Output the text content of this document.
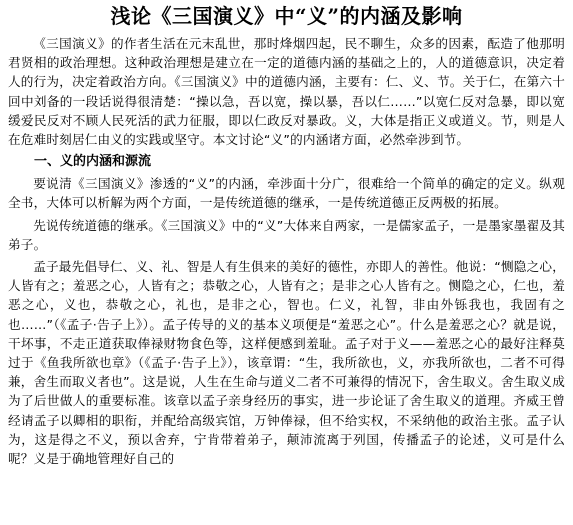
浅论《三国演义》中“义”的内涵及影响

《三国演义》的作者生活在元末乱世，那时烽烟四起，民不聊生，众多的因素，酝造了他那明君贤相的政治理想。这种政治理想是建立在一定的道德内涵的基础之上的，人的道德意识，决定着人的行为，决定着政治方向。《三国演义》中的道德内涵，主要有：仁、义、节。关于仁，在第六十回中刘备的一段话说得很清楚：“操以急，吾以宽，操以暴，吾以仁……”以宽仁反对急暴，即以宽缓爱民反对不顾人民死活的武力征服，即以仁政反对暴政。义，大体是指正义或道义。节，则是人在危难时刻居仁由义的实践或坚守。本文讨论“义”的内涵诸方面，必然牵涉到节。

一、义的内涵和源流

要说清《三国演义》渗透的“义”的内涵，牵涉面十分广，很难给一个简单的确定的定义。纵观全书，大体可以析解为两个方面，一是传统道德的继承，一是传统道德正反两极的拓展。

先说传统道德的继承。《三国演义》中的“义”大体来自两家，一是儒家孟子，一是墨家墨翟及其弟子。

孟子最先倡导仁、义、礼、智是人有生俱来的美好的德性，亦即人的善性。他说：“恻隐之心，人皆有之；羞恶之心，人皆有之；恭敬之心，人皆有之；是非之心人皆有之。恻隐之心，仁也，羞恶之心，义也，恭敬之心，礼也，是非之心，智也。仁义，礼智，非由外铄我也，我固有之也……”（《孟子·告子上》）。孟子传导的义的基本义项便是“羞恶之心”。什么是羞恶之心？就是说，干坏事，不走正道获取俸禄财物食色等，这样便感到羞耻。孟子对于义——羞恶之心的最好注释莫过于《鱼我所欲也章》（《孟子·告子上》），该章谓：“生，我所欲也，义，亦我所欲也，二者不可得兼，舍生而取义者也”。这是说，人生在生命与道义二者不可兼得的情况下，舍生取义。舍生取义成为了后世做人的重要标准。该章以孟子亲身经历的事实，进一步论证了舍生取义的道理。齐威王曾经请孟子以卿相的职衔，并配给高级宾馆，万钟俸禄，但不给实权，不采纳他的政治主张。孟子认为，这是得之不义，预以舍弃，宁肯带着弟子，颠沛流离于列国，传播孟子的论述，义可是什么呢？义是于确地管理好自己的
